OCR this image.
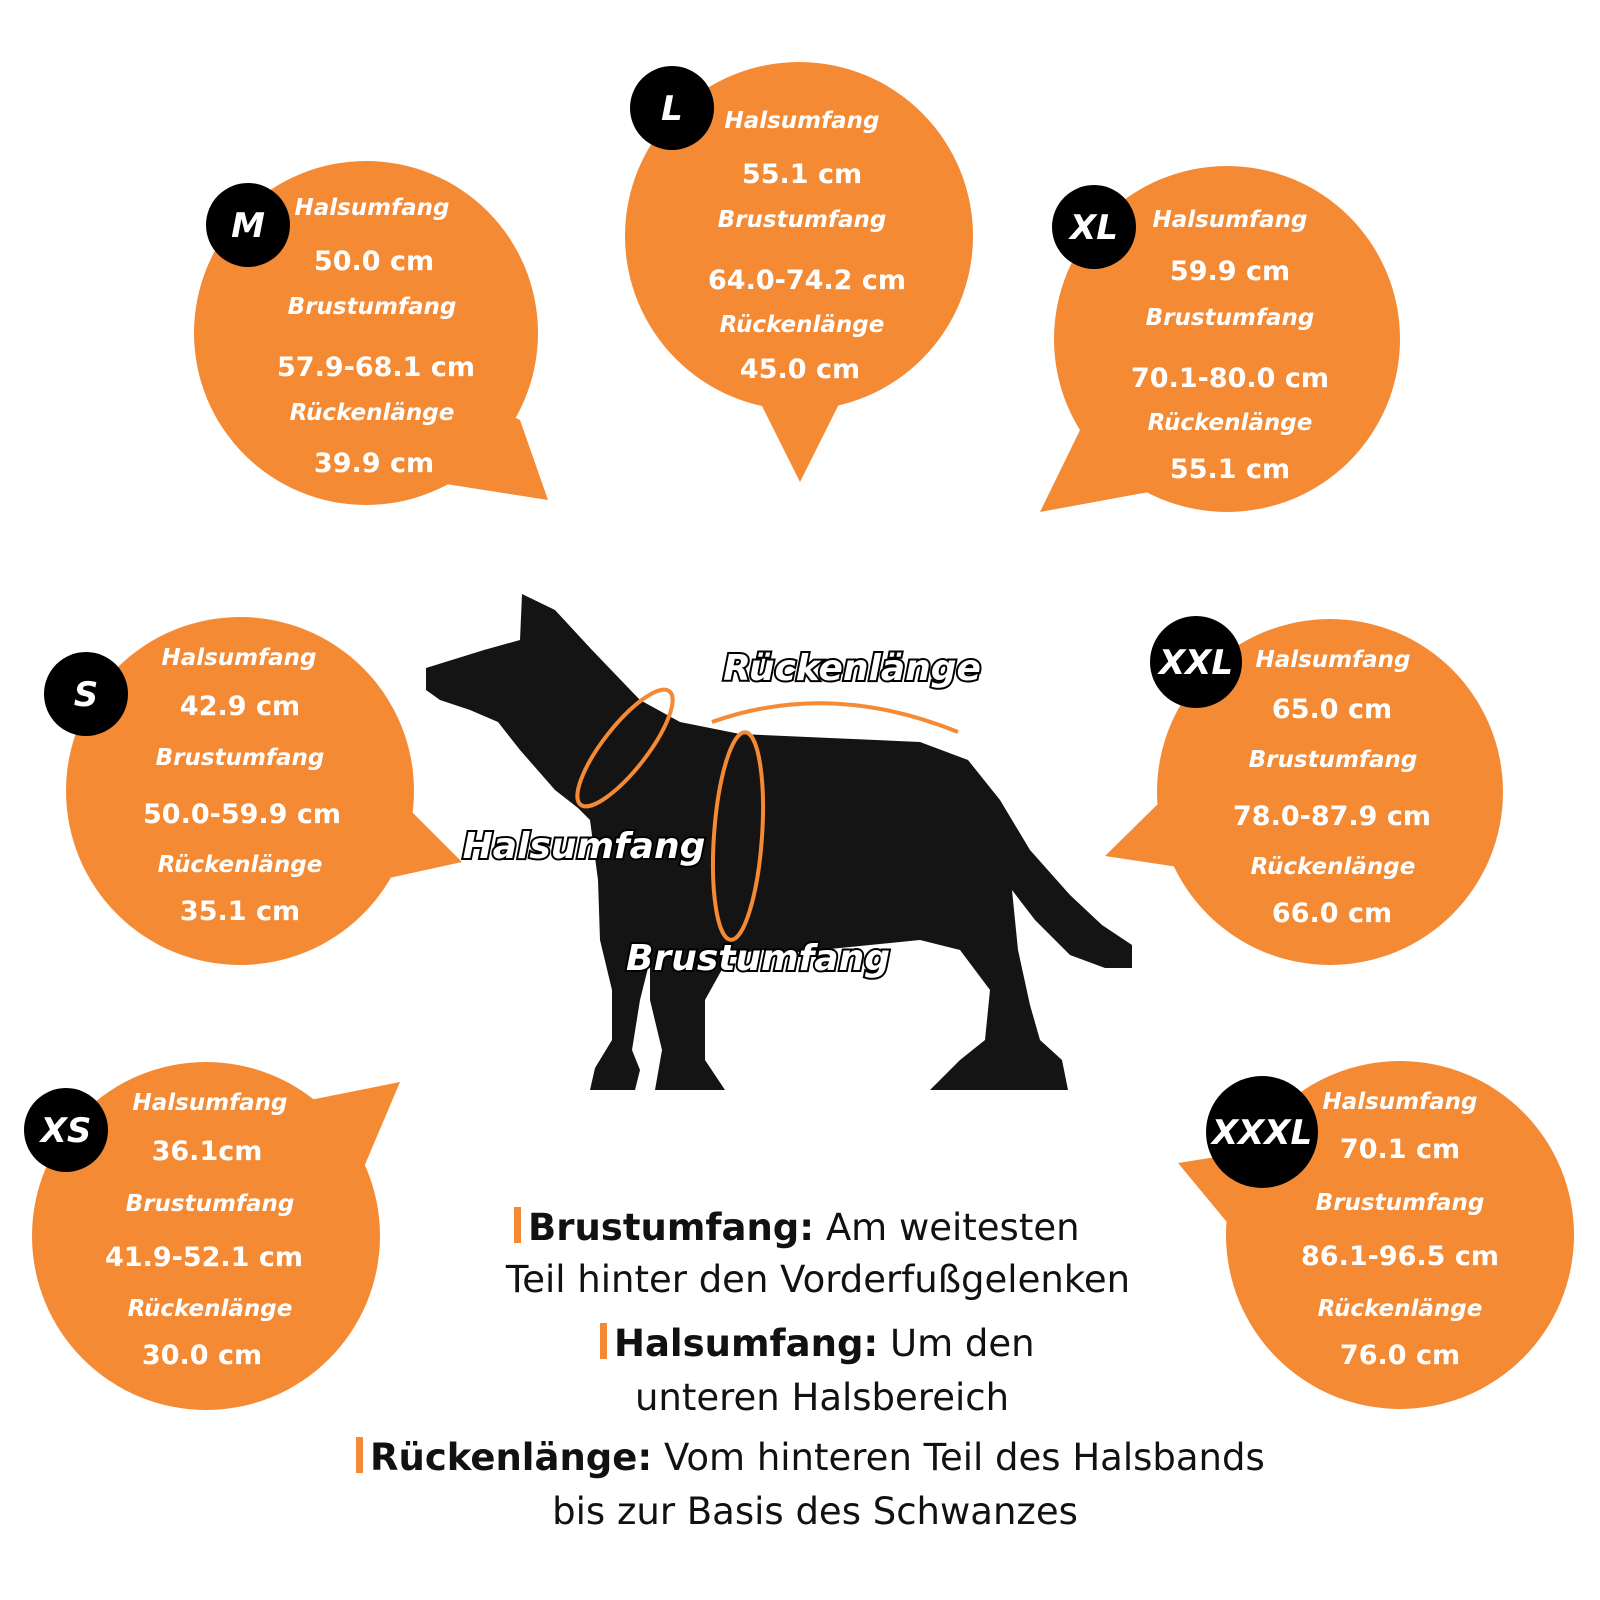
M Halsumfang
50.0 cm
Brustumfang
57.9-68.1 cm
Rückenlänge
39.9 cm
L Halsumfang
55.1 cm
Brustumfang
64.0-74.2 cm
Rückenlänge
45.0 cm
XL Halsumfang
59.9 cm
Brustumfang
70.1-80.0 cm
Rückenlänge
55.1 cm
S
Halsumfang
42.9 cm
Brustumfang
50.0-59.9 cm
Rückenlänge
35.1 cm
XXL Halsumfang
65.0 cm
Brustumfang
78.0-87.9 cm
Rückenlänge
66.0 cm
XS
Halsumfang
36.1cm
Brustumfang
41.9-52.1 cm
Rückenlänge
30.0 cm
XXXL
Halsumfang
70.1 cm
Brustumfang
86.1-96.5 cm
Rückenlänge
76.0 cm
Rückenlänge
Halsumfang
Brustumfang
Brustumfang: Am weitesten
Teil hinter den Vorderfußgelenken
Halsumfang: Um den
unteren Halsbereich
Rückenlänge: Vom hinteren Teil des Halsbands
bis zur Basis des Schwanzes
